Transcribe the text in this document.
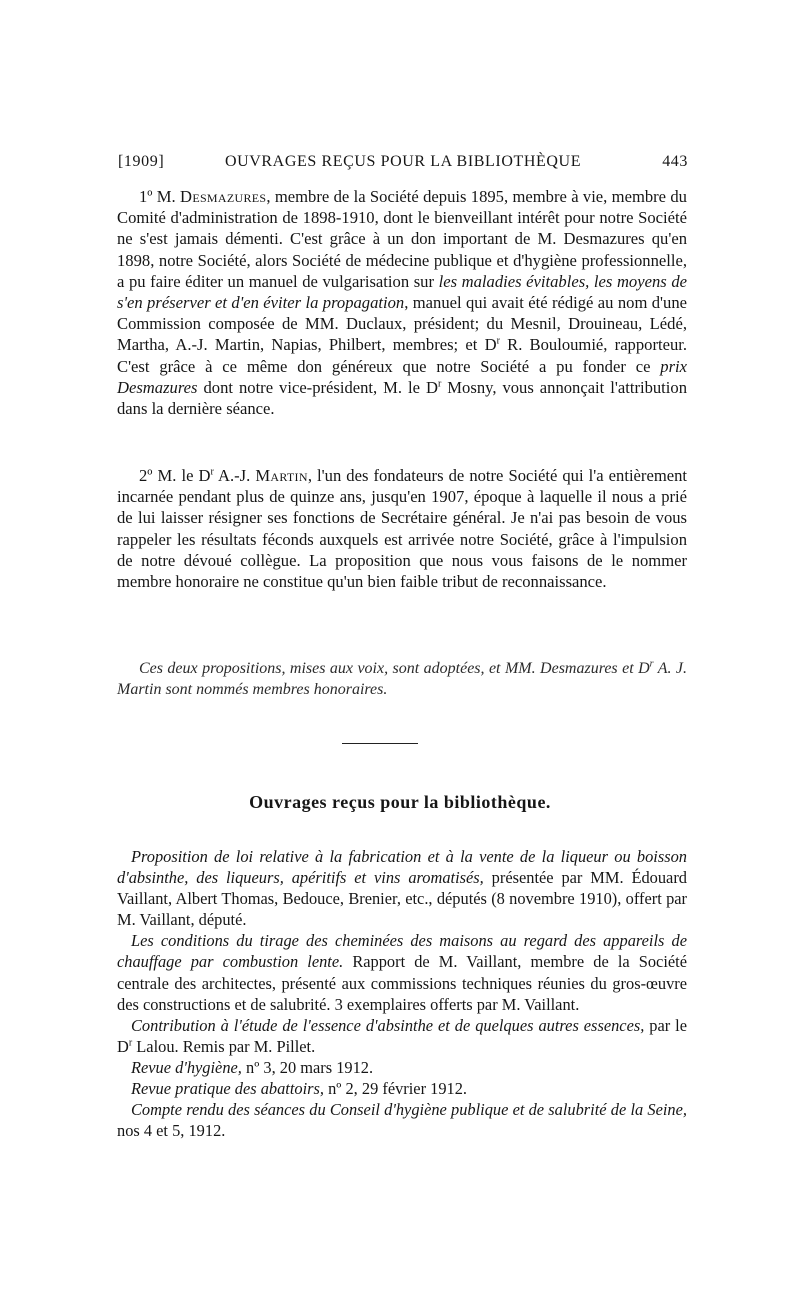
[1909]	OUVRAGES REÇUS POUR LA BIBLIOTHÈQUE	443

1º M. Desmazures, membre de la Société depuis 1895, membre à vie, membre du Comité d'administration de 1898-1910, dont le bienveillant intérêt pour notre Société ne s'est jamais démenti. C'est grâce à un don important de M. Desmazures qu'en 1898, notre Société, alors Société de médecine publique et d'hygiène professionnelle, a pu faire éditer un manuel de vulgarisation sur les maladies évitables, les moyens de s'en préserver et d'en éviter la propagation, manuel qui avait été rédigé au nom d'une Commission composée de MM. Duclaux, président; du Mesnil, Drouineau, Lédé, Martha, A.-J. Martin, Napias, Philbert, membres; et $D^r$ R. Bouloumié, rapporteur. C'est grâce à ce même don généreux que notre Société a pu fonder ce prix Desmazures dont notre vice-président, M. le $D^r$ Mosny, vous annonçait l'attribution dans la dernière séance.

2º M. le $D^r$ A.-J. Martin, l'un des fondateurs de notre Société qui l'a entièrement incarnée pendant plus de quinze ans, jusqu'en 1907, époque à laquelle il nous a prié de lui laisser résigner ses fonctions de Secrétaire général. Je n'ai pas besoin de vous rappeler les résultats féconds auxquels est arrivée notre Société, grâce à l'impulsion de notre dévoué collègue. La proposition que nous vous faisons de le nommer membre honoraire ne constitue qu'un bien faible tribut de reconnaissance.

Ces deux propositions, mises aux voix, sont adoptées, et MM. Desmazures et $D^r$ A. J. Martin sont nommés membres honoraires.

Ouvrages reçus pour la bibliothèque.

Proposition de loi relative à la fabrication et à la vente de la liqueur ou boisson d'absinthe, des liqueurs, apéritifs et vins aromatisés, présentée par MM. Édouard Vaillant, Albert Thomas, Bedouce, Brenier, etc., députés (8 novembre 1910), offert par M. Vaillant, député.

Les conditions du tirage des cheminées des maisons au regard des appareils de chauffage par combustion lente. Rapport de M. Vaillant, membre de la Société centrale des architectes, présenté aux commissions techniques réunies du gros-œuvre des constructions et de salubrité. 3 exemplaires offerts par M. Vaillant.

Contribution à l'étude de l'essence d'absinthe et de quelques autres essences, par le $D^r$ Lalou. Remis par M. Pillet.

Revue d'hygiène, nº 3, 20 mars 1912.

Revue pratique des abattoirs, nº 2, 29 février 1912.

Compte rendu des séances du Conseil d'hygiène publique et de salubrité de la Seine, nos 4 et 5, 1912.
